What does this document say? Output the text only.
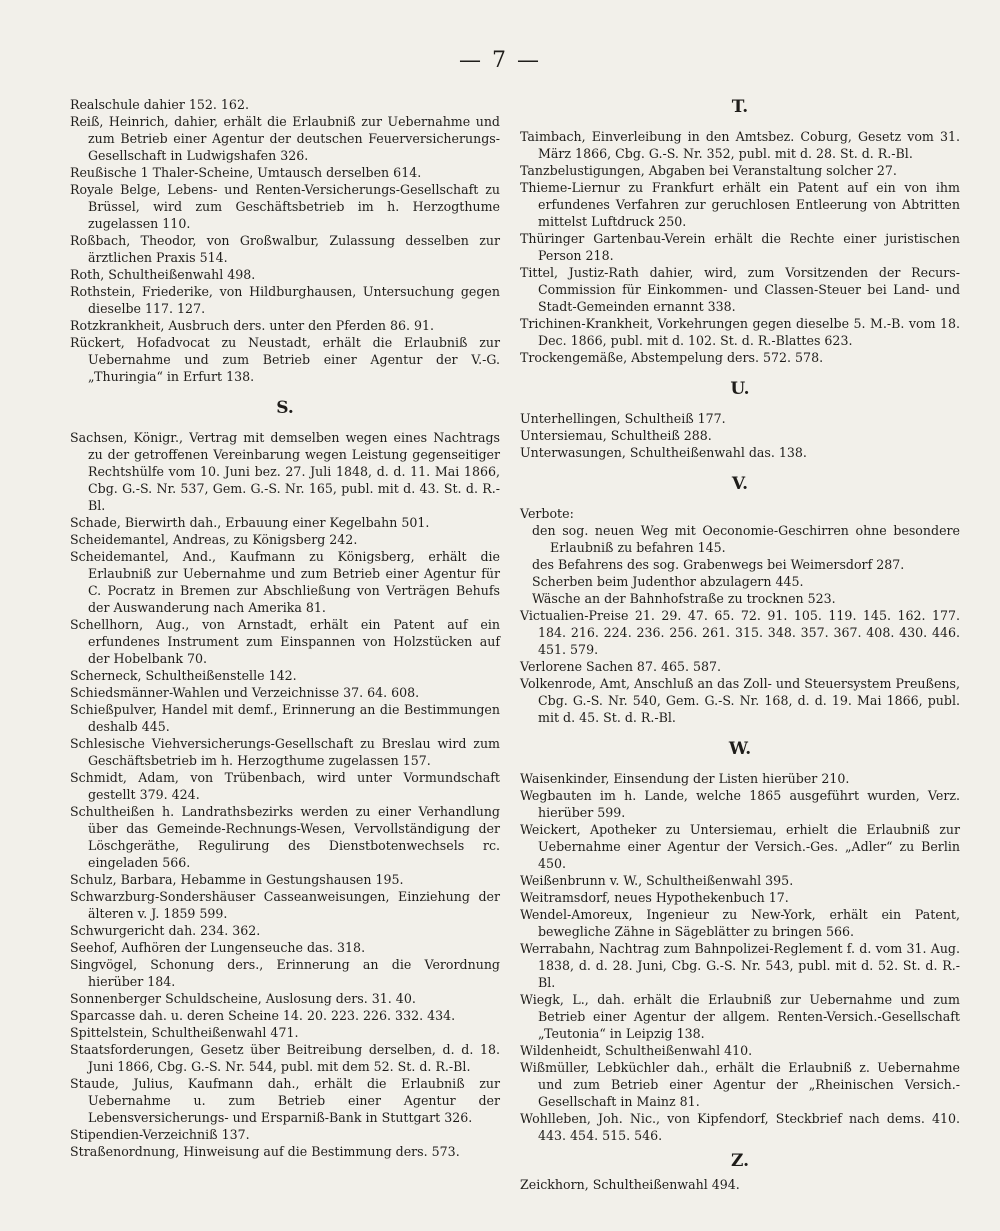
— 7 —

Realschule dahier 152. 162.

Reiß, Heinrich, dahier, erhält die Erlaubniß zur Uebernahme und zum Betrieb einer Agentur der deutschen Feuerversicherungs-Gesellschaft in Ludwigshafen 326.

Reußische 1 Thaler-Scheine, Umtausch derselben 614.

Royale Belge, Lebens- und Renten-Versicherungs-Gesellschaft zu Brüssel, wird zum Geschäftsbetrieb im h. Herzogthume zugelassen 110.

Roßbach, Theodor, von Großwalbur, Zulassung desselben zur ärztlichen Praxis 514.

Roth, Schultheißenwahl 498.

Rothstein, Friederike, von Hildburghausen, Untersuchung gegen dieselbe 117. 127.

Rotzkrankheit, Ausbruch ders. unter den Pferden 86. 91.

Rückert, Hofadvocat zu Neustadt, erhält die Erlaubniß zur Uebernahme und zum Betrieb einer Agentur der V.-G. „Thuringia“ in Erfurt 138.

S.

Sachsen, Königr., Vertrag mit demselben wegen eines Nachtrags zu der getroffenen Vereinbarung wegen Leistung gegenseitiger Rechtshülfe vom 10. Juni bez. 27. Juli 1848, d. d. 11. Mai 1866, Cbg. G.-S. Nr. 537, Gem. G.-S. Nr. 165, publ. mit d. 43. St. d. R.-Bl.

Schade, Bierwirth dah., Erbauung einer Kegelbahn 501.

Scheidemantel, Andreas, zu Königsberg 242.

Scheidemantel, And., Kaufmann zu Königsberg, erhält die Erlaubniß zur Uebernahme und zum Betrieb einer Agentur für C. Pocratz in Bremen zur Abschließung von Verträgen Behufs der Auswanderung nach Amerika 81.

Schellhorn, Aug., von Arnstadt, erhält ein Patent auf ein erfundenes Instrument zum Einspannen von Holzstücken auf der Hobelbank 70.

Scherneck, Schultheißenstelle 142.

Schiedsmänner-Wahlen und Verzeichnisse 37. 64. 608.

Schießpulver, Handel mit demf., Erinnerung an die Bestimmungen deshalb 445.

Schlesische Viehversicherungs-Gesellschaft zu Breslau wird zum Geschäftsbetrieb im h. Herzogthume zugelassen 157.

Schmidt, Adam, von Trübenbach, wird unter Vormundschaft gestellt 379. 424.

Schultheißen h. Landrathsbezirks werden zu einer Verhandlung über das Gemeinde-Rechnungs-Wesen, Vervollständigung der Löschgeräthe, Regulirung des Dienstbotenwechsels rc. eingeladen 566.

Schulz, Barbara, Hebamme in Gestungshausen 195.

Schwarzburg-Sondershäuser Casseanweisungen, Einziehung der älteren v. J. 1859 599.

Schwurgericht dah. 234. 362.

Seehof, Aufhören der Lungenseuche das. 318.

Singvögel, Schonung ders., Erinnerung an die Verordnung hierüber 184.

Sonnenberger Schuldscheine, Auslosung ders. 31. 40.

Sparcasse dah. u. deren Scheine 14. 20. 223. 226. 332. 434.

Spittelstein, Schultheißenwahl 471.

Staatsforderungen, Gesetz über Beitreibung derselben, d. d. 18. Juni 1866, Cbg. G.-S. Nr. 544, publ. mit dem 52. St. d. R.-Bl.

Staude, Julius, Kaufmann dah., erhält die Erlaubniß zur Uebernahme u. zum Betrieb einer Agentur der Lebensversicherungs- und Ersparniß-Bank in Stuttgart 326.

Stipendien-Verzeichniß 137.

Straßenordnung, Hinweisung auf die Bestimmung ders. 573.

T.

Taimbach, Einverleibung in den Amtsbez. Coburg, Gesetz vom 31. März 1866, Cbg. G.-S. Nr. 352, publ. mit d. 28. St. d. R.-Bl.

Tanzbelustigungen, Abgaben bei Veranstaltung solcher 27.

Thieme-Liernur zu Frankfurt erhält ein Patent auf ein von ihm erfundenes Verfahren zur geruchlosen Entleerung von Abtritten mittelst Luftdruck 250.

Thüringer Gartenbau-Verein erhält die Rechte einer juristischen Person 218.

Tittel, Justiz-Rath dahier, wird, zum Vorsitzenden der Recurs-Commission für Einkommen- und Classen-Steuer bei Land- und Stadt-Gemeinden ernannt 338.

Trichinen-Krankheit, Vorkehrungen gegen dieselbe 5. M.-B. vom 18. Dec. 1866, publ. mit d. 102. St. d. R.-Blattes 623.

Trockengemäße, Abstempelung ders. 572. 578.

U.

Unterhellingen, Schultheiß 177.

Untersiemau, Schultheiß 288.

Unterwasungen, Schultheißenwahl das. 138.

V.

Verbote:

den sog. neuen Weg mit Oeconomie-Geschirren ohne besondere Erlaubniß zu befahren 145.

des Befahrens des sog. Grabenwegs bei Weimersdorf 287.

Scherben beim Judenthor abzulagern 445.

Wäsche an der Bahnhofstraße zu trocknen 523.

Victualien-Preise 21. 29. 47. 65. 72. 91. 105. 119. 145. 162. 177. 184. 216. 224. 236. 256. 261. 315. 348. 357. 367. 408. 430. 446. 451. 579.

Verlorene Sachen 87. 465. 587.

Volkenrode, Amt, Anschluß an das Zoll- und Steuersystem Preußens, Cbg. G.-S. Nr. 540, Gem. G.-S. Nr. 168, d. d. 19. Mai 1866, publ. mit d. 45. St. d. R.-Bl.

W.

Waisenkinder, Einsendung der Listen hierüber 210.

Wegbauten im h. Lande, welche 1865 ausgeführt wurden, Verz. hierüber 599.

Weickert, Apotheker zu Untersiemau, erhielt die Erlaubniß zur Uebernahme einer Agentur der Versich.-Ges. „Adler“ zu Berlin 450.

Weißenbrunn v. W., Schultheißenwahl 395.

Weitramsdorf, neues Hypothekenbuch 17.

Wendel-Amoreux, Ingenieur zu New-York, erhält ein Patent, bewegliche Zähne in Sägeblätter zu bringen 566.

Werrabahn, Nachtrag zum Bahnpolizei-Reglement f. d. vom 31. Aug. 1838, d. d. 28. Juni, Cbg. G.-S. Nr. 543, publ. mit d. 52. St. d. R.-Bl.

Wiegk, L., dah. erhält die Erlaubniß zur Uebernahme und zum Betrieb einer Agentur der allgem. Renten-Versich.-Gesellschaft „Teutonia“ in Leipzig 138.

Wildenheidt, Schultheißenwahl 410.

Wißmüller, Lebküchler dah., erhält die Erlaubniß z. Uebernahme und zum Betrieb einer Agentur der „Rheinischen Versich.-Gesellschaft in Mainz 81.

Wohlleben, Joh. Nic., von Kipfendorf, Steckbrief nach dems. 410. 443. 454. 515. 546.

Z.

Zeickhorn, Schultheißenwahl 494.
